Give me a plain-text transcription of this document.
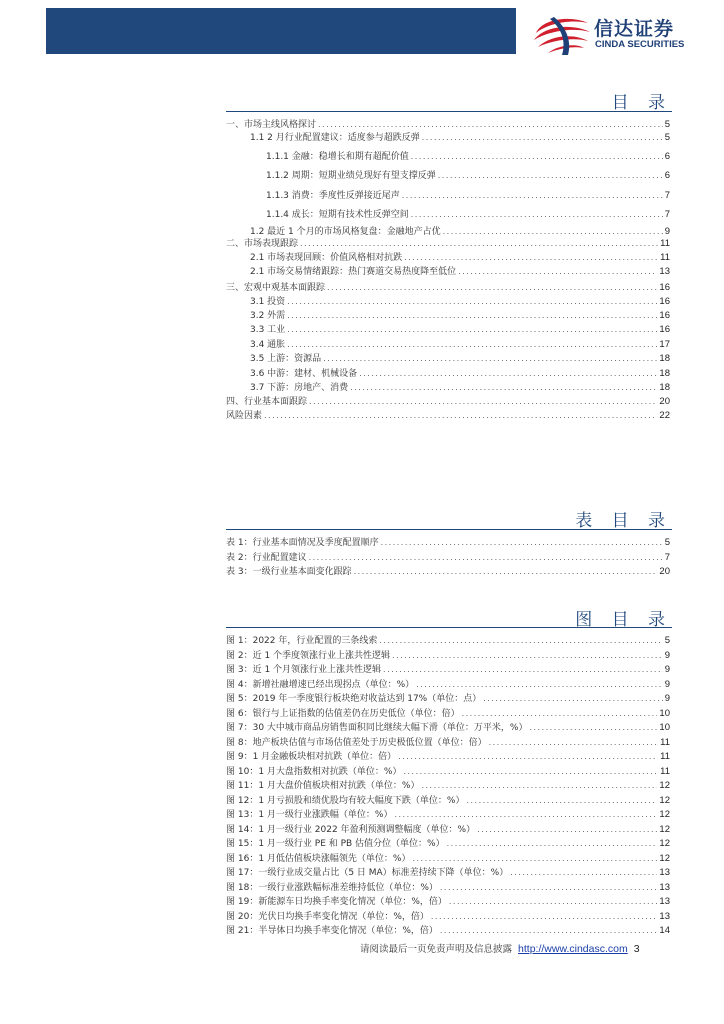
信达证券
CINDA SECURITIES
目 录
一、市场主线风格探讨 .....	5
1.1 2 月行业配置建议：适度参与超跌反弹 .....	5
1.1.1 金融：稳增长和期有超配价值 .....	6
1.1.2 周期：短期业绩兑现好有望支撑反弹 .....	6
1.1.3 消费：季度性反弹接近尾声 .....	7
1.1.4 成长：短期有技术性反弹空间 .....	7
1.2 最近 1 个月的市场风格复盘：金融地产占优 .....	9
二、市场表现跟踪 .....	11
2.1 市场表现回顾：价值风格相对抗跌 .....	11
2.1 市场交易情绪跟踪：热门赛道交易热度降至低位 .....	13
三、宏观中观基本面跟踪 .....	16
3.1 投资 .....	16
3.2 外需 .....	16
3.3 工业 .....	16
3.4 通胀 .....	17
3.5 上游：资源品 .....	18
3.6 中游：建材、机械设备 .....	18
3.7 下游：房地产、消费 .....	18
四、行业基本面跟踪 .....	20
风险因素 .....	22
表 目 录
表 1：行业基本面情况及季度配置顺序 .....	5
表 2：行业配置建议 .....	7
表 3：一级行业基本面变化跟踪 .....	20
图 目 录
图 1：2022 年，行业配置的三条线索 .....	5
图 2：近 1 个季度领涨行业上涨共性逻辑 .....	9
图 3：近 1 个月领涨行业上涨共性逻辑 .....	9
图 4：新增社融增速已经出现拐点（单位：%） .....	9
图 5：2019 年一季度银行板块绝对收益达到 17%（单位：点） .....	9
图 6：银行与上证指数的估值差仍在历史低位（单位：倍） .....	10
图 7：30 大中城市商品房销售面积同比继续大幅下滑（单位：万平米，%） .....	10
图 8：地产板块估值与市场估值差处于历史极低位置（单位：倍） .....	11
图 9：1 月金融板块相对抗跌（单位：倍） .....	11
图 10：1 月大盘指数相对抗跌（单位：%） .....	11
图 11：1 月大盘价值板块相对抗跌（单位：%） .....	12
图 12：1 月亏损股和绩优股均有较大幅度下跌（单位：%） .....	12
图 13：1 月一级行业涨跌幅（单位：%） .....	12
图 14：1 月一级行业 2022 年盈利预测调整幅度（单位：%） .....	12
图 15：1 月一级行业 PE 和 PB 估值分位（单位：%） .....	12
图 16：1 月低估值板块涨幅领先（单位：%） .....	12
图 17：一级行业成交量占比（5 日 MA）标准差持续下降（单位：%） .....	13
图 18：一级行业涨跌幅标准差维持低位（单位：%） .....	13
图 19：新能源车日均换手率变化情况（单位：%，倍） .....	13
图 20：光伏日均换手率变化情况（单位：%，倍） .....	13
图 21：半导体日均换手率变化情况（单位：%，倍） .....	14
请阅读最后一页免责声明及信息披露 http://www.cindasc.com 3
